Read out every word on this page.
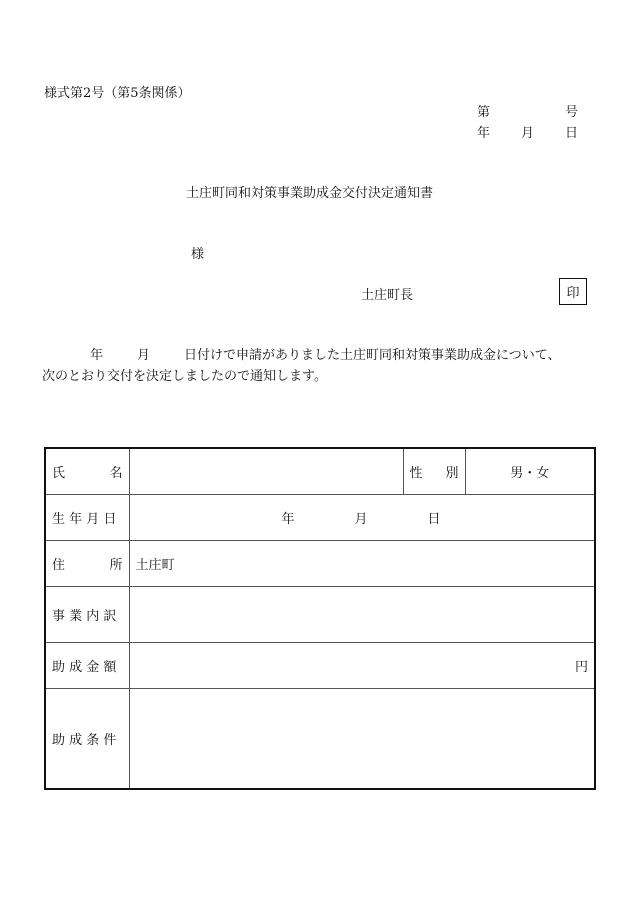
様式第2号（第5条関係）
第	号
年 月 日
土庄町同和対策事業助成金交付決定通知書
様
土庄町長	印
年	月	日付けで申請がありました土庄町同和対策事業助成金について、
次のとおり交付を決定しましたので通知します。
氏 名		性 別	男・女
生 年 月 日	年 月 日		

住 所	土庄町		
事 業 内 訳			
助 成 金 額	円		
助 成 条 件			
